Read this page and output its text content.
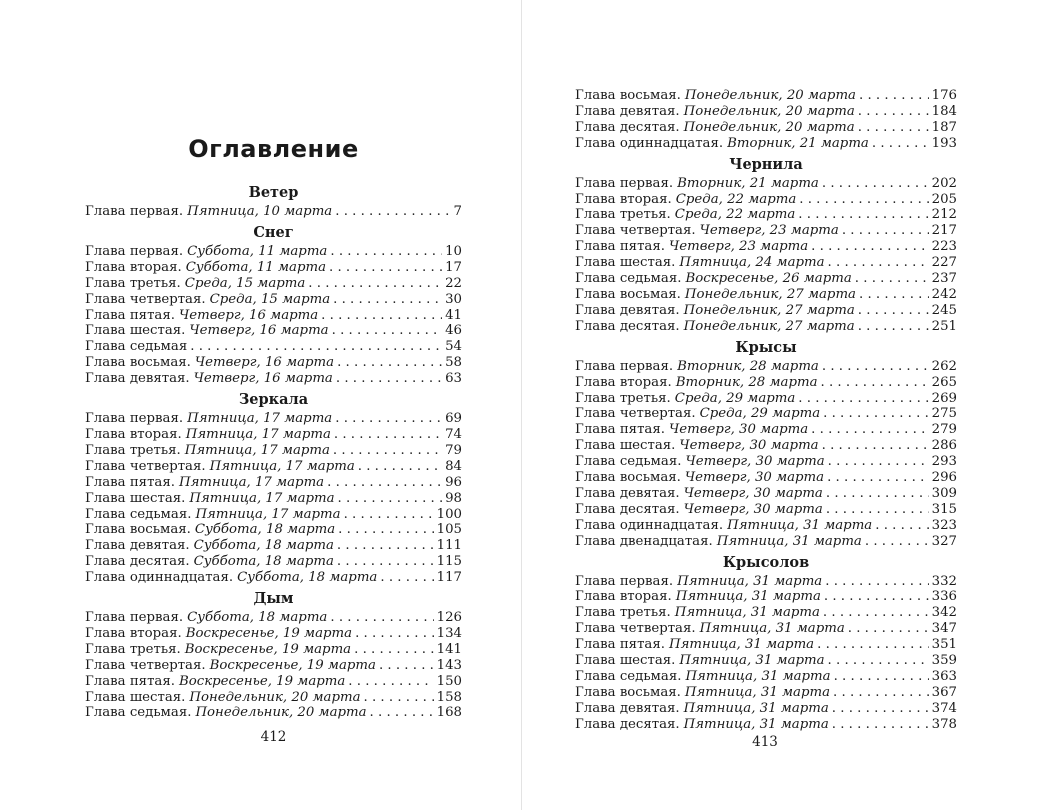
Оглавление
Ветер
Глава первая. Пятница, 10 марта . . .	7
Снег
Глава первая. Суббота, 11 марта . . .	10
Глава вторая. Суббота, 11 марта . . .	17
Глава третья. Среда, 15 марта . . .	22
Глава четвертая. Среда, 15 марта . . .	30
Глава пятая. Четверг, 16 марта . . .	41
Глава шестая. Четверг, 16 марта . . .	46
Глава седьмая . . .	54
Глава восьмая. Четверг, 16 марта . . .	58
Глава девятая. Четверг, 16 марта . . .	63
Зеркала
Глава первая. Пятница, 17 марта . . .	69
Глава вторая. Пятница, 17 марта . . .	74
Глава третья. Пятница, 17 марта . . .	79
Глава четвертая. Пятница, 17 марта . . .	84
Глава пятая. Пятница, 17 марта . . .	96
Глава шестая. Пятница, 17 марта . . .	98
Глава седьмая. Пятница, 17 марта . . .	100
Глава восьмая. Суббота, 18 марта . . .	105
Глава девятая. Суббота, 18 марта . . .	111
Глава десятая. Суббота, 18 марта . . .	115
Глава одиннадцатая. Суббота, 18 марта . . .	117
Дым
Глава первая. Суббота, 18 марта . . .	126
Глава вторая. Воскресенье, 19 марта . . .	134
Глава третья. Воскресенье, 19 марта . . .	141
Глава четвертая. Воскресенье, 19 марта . . .	143
Глава пятая. Воскресенье, 19 марта . . .	150
Глава шестая. Понедельник, 20 марта . . .	158
Глава седьмая. Понедельник, 20 марта . . .	168
Глава восьмая. Понедельник, 20 марта . . .	176
Глава девятая. Понедельник, 20 марта . . .	184
Глава десятая. Понедельник, 20 марта . . .	187
Глава одиннадцатая. Вторник, 21 марта . . .	193
Чернила
Глава первая. Вторник, 21 марта . . .	202
Глава вторая. Среда, 22 марта . . .	205
Глава третья. Среда, 22 марта . . .	212
Глава четвертая. Четверг, 23 марта . . .	217
Глава пятая. Четверг, 23 марта . . .	223
Глава шестая. Пятница, 24 марта . . .	227
Глава седьмая. Воскресенье, 26 марта . . .	237
Глава восьмая. Понедельник, 27 марта . . .	242
Глава девятая. Понедельник, 27 марта . . .	245
Глава десятая. Понедельник, 27 марта . . .	251
Крысы
Глава первая. Вторник, 28 марта . . .	262
Глава вторая. Вторник, 28 марта . . .	265
Глава третья. Среда, 29 марта . . .	269
Глава четвертая. Среда, 29 марта . . .	275
Глава пятая. Четверг, 30 марта . . .	279
Глава шестая. Четверг, 30 марта . . .	286
Глава седьмая. Четверг, 30 марта . . .	293
Глава восьмая. Четверг, 30 марта . . .	296
Глава девятая. Четверг, 30 марта . . .	309
Глава десятая. Четверг, 30 марта . . .	315
Глава одиннадцатая. Пятница, 31 марта . . .	323
Глава двенадцатая. Пятница, 31 марта . . .	327
Крысолов
Глава первая. Пятница, 31 марта . . .	332
Глава вторая. Пятница, 31 марта . . .	336
Глава третья. Пятница, 31 марта . . .	342
Глава четвертая. Пятница, 31 марта . . .	347
Глава пятая. Пятница, 31 марта . . .	351
Глава шестая. Пятница, 31 марта . . .	359
Глава седьмая. Пятница, 31 марта . . .	363
Глава восьмая. Пятница, 31 марта . . .	367
Глава девятая. Пятница, 31 марта . . .	374
Глава десятая. Пятница, 31 марта . . .	378
412	413
